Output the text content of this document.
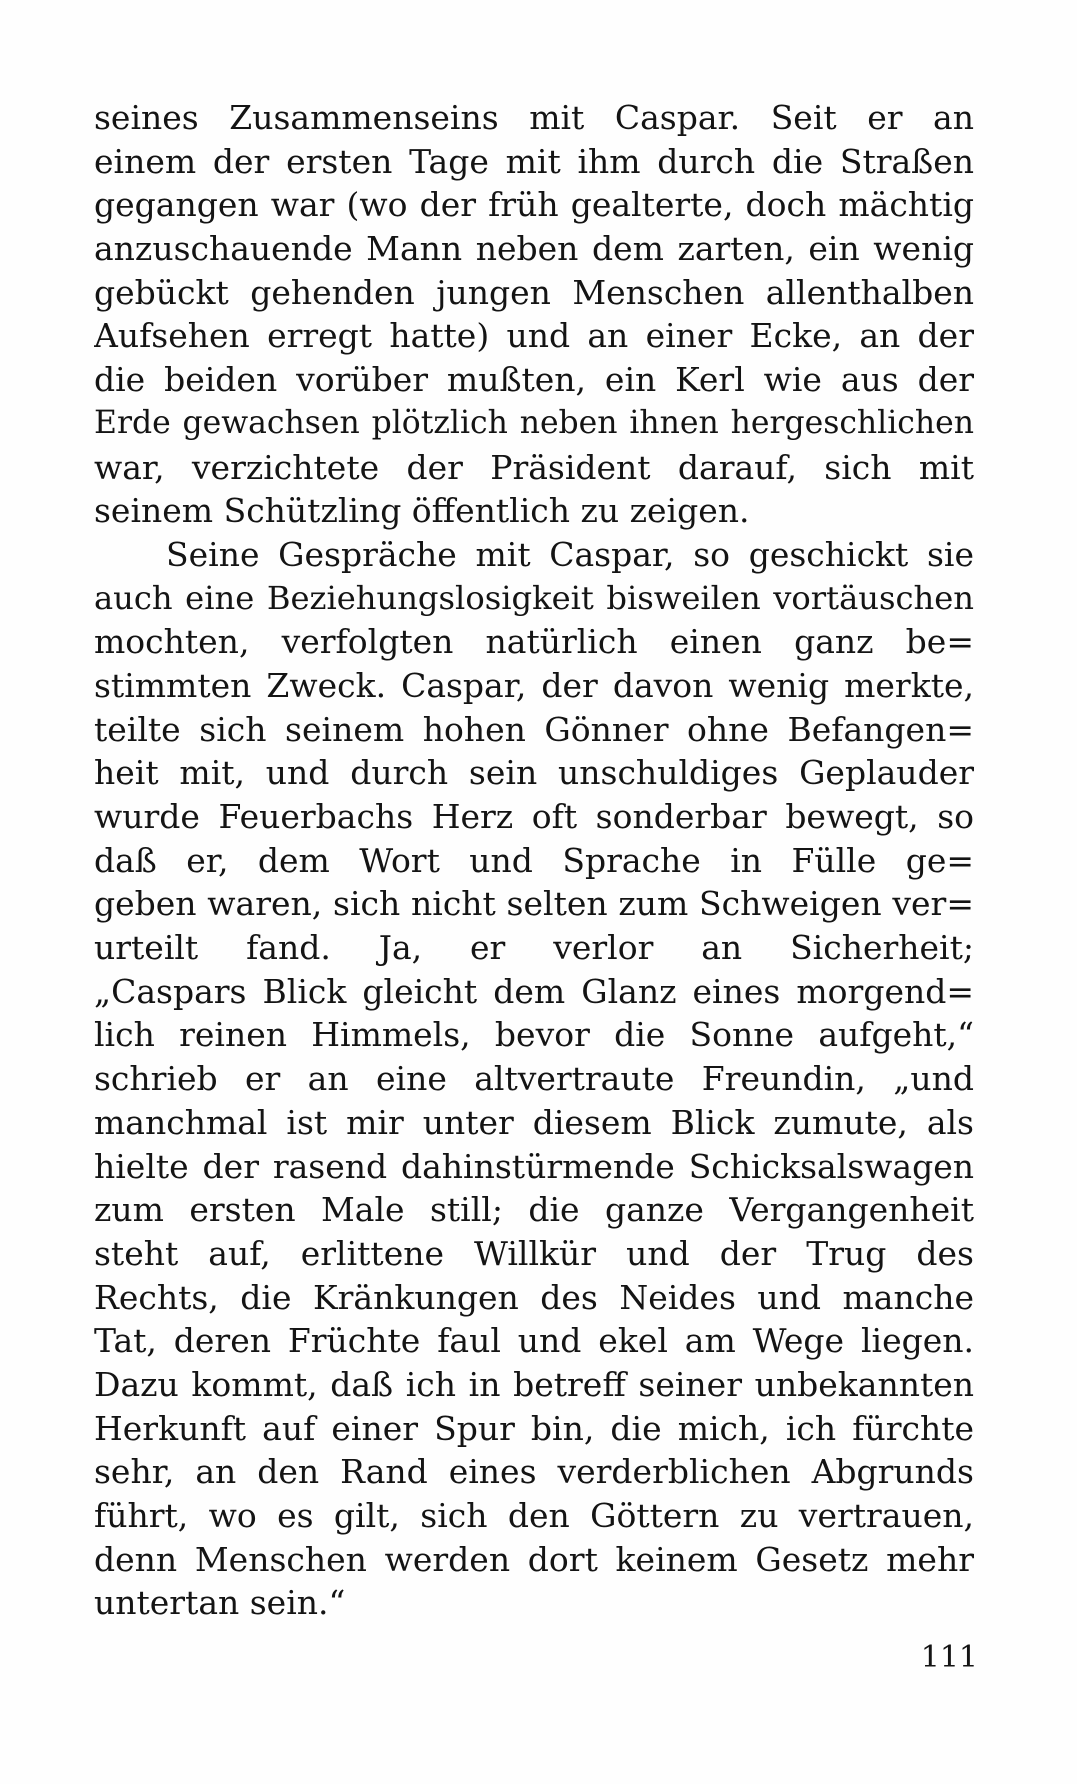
seines Zusammenseins mit Caspar. Seit er an
einem der ersten Tage mit ihm durch die Straßen
gegangen war (wo der früh gealterte, doch mächtig
anzuschauende Mann neben dem zarten, ein wenig
gebückt gehenden jungen Menschen allenthalben
Aufsehen erregt hatte) und an einer Ecke, an der
die beiden vorüber mußten, ein Kerl wie aus der
Erde gewachsen plötzlich neben ihnen hergeschlichen
war, verzichtete der Präsident darauf, sich mit
seinem Schützling öffentlich zu zeigen.
Seine Gespräche mit Caspar, so geschickt sie
auch eine Beziehungslosigkeit bisweilen vortäuschen
mochten, verfolgten natürlich einen ganz be=
stimmten Zweck. Caspar, der davon wenig merkte,
teilte sich seinem hohen Gönner ohne Befangen=
heit mit, und durch sein unschuldiges Geplauder
wurde Feuerbachs Herz oft sonderbar bewegt, so
daß er, dem Wort und Sprache in Fülle ge=
geben waren, sich nicht selten zum Schweigen ver=
urteilt fand. Ja, er verlor an Sicherheit;
„Caspars Blick gleicht dem Glanz eines morgend=
lich reinen Himmels, bevor die Sonne aufgeht,“
schrieb er an eine altvertraute Freundin, „und
manchmal ist mir unter diesem Blick zumute, als
hielte der rasend dahinstürmende Schicksalswagen
zum ersten Male still; die ganze Vergangenheit
steht auf, erlittene Willkür und der Trug des
Rechts, die Kränkungen des Neides und manche
Tat, deren Früchte faul und ekel am Wege liegen.
Dazu kommt, daß ich in betreff seiner unbekannten
Herkunft auf einer Spur bin, die mich, ich fürchte
sehr, an den Rand eines verderblichen Abgrunds
führt, wo es gilt, sich den Göttern zu vertrauen,
denn Menschen werden dort keinem Gesetz mehr
untertan sein.“
111
